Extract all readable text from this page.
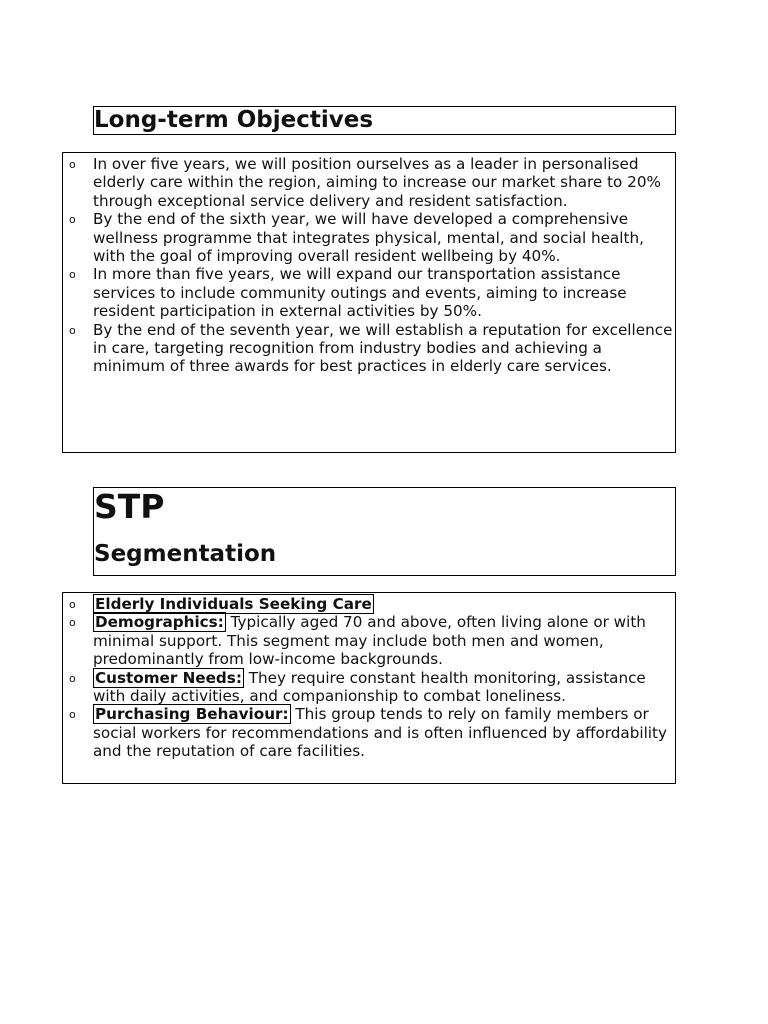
Long-term Objectives
o In over five years, we will position ourselves as a leader in personalised elderly care within the region, aiming to increase our market share to 20% through exceptional service delivery and resident satisfaction.
o By the end of the sixth year, we will have developed a comprehensive wellness programme that integrates physical, mental, and social health, with the goal of improving overall resident wellbeing by 40%.
o In more than five years, we will expand our transportation assistance services to include community outings and events, aiming to increase resident participation in external activities by 50%.
o By the end of the seventh year, we will establish a reputation for excellence in care, targeting recognition from industry bodies and achieving a minimum of three awards for best practices in elderly care services.
STP
Segmentation
o Elderly Individuals Seeking Care
o Demographics: Typically aged 70 and above, often living alone or with minimal support. This segment may include both men and women, predominantly from low-income backgrounds.
o Customer Needs: They require constant health monitoring, assistance with daily activities, and companionship to combat loneliness.
o Purchasing Behaviour: This group tends to rely on family members or social workers for recommendations and is often influenced by affordability and the reputation of care facilities.
